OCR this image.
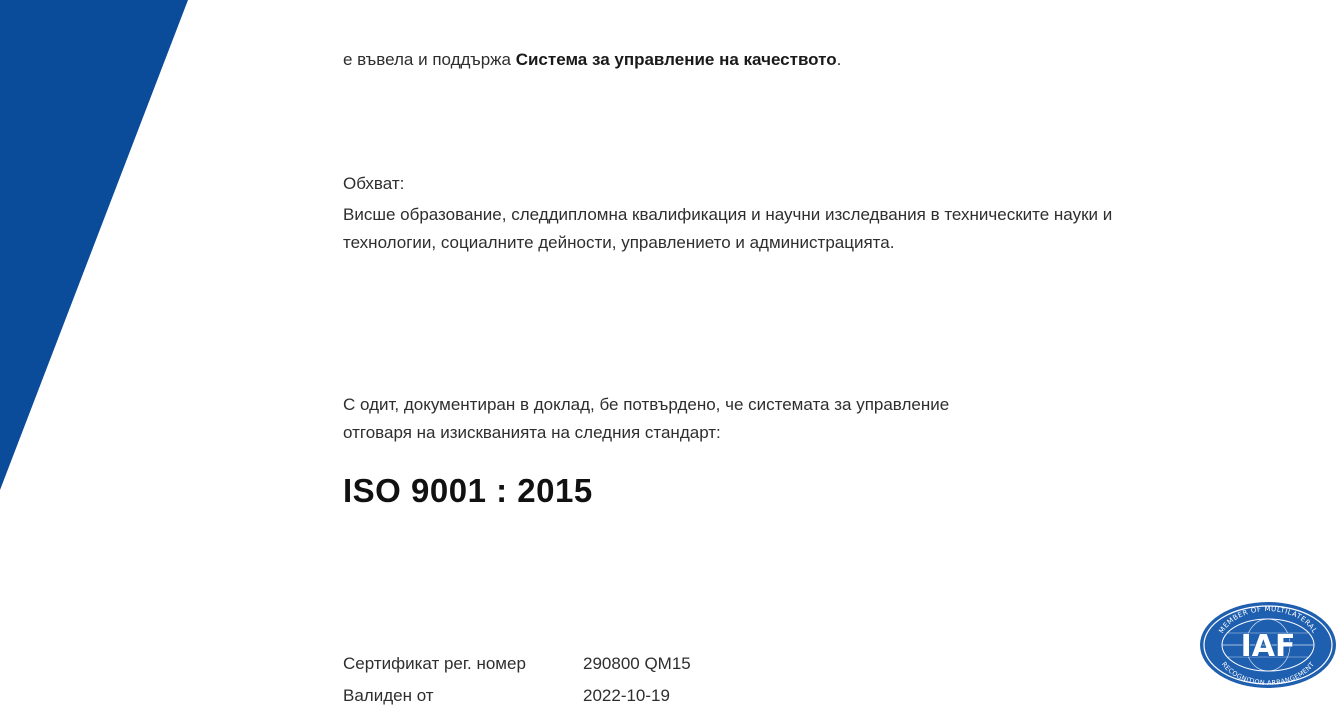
е въвела и поддържа Система за управление на качеството.
Обхват:
Висше образование, следдипломна квалификация и научни изследвания в техническите науки и технологии, социалните дейности, управлението и администрацията.
С одит, документиран в доклад, бе потвърдено, че системата за управление отговаря на изискванията на следния стандарт:
ISO 9001 : 2015
Сертификат рег. номер	290800 QM15
Валиден от	2022-10-19
MEMBER OF MULTILATERAL
RECOGNITION ARRANGEMENT
IAF
